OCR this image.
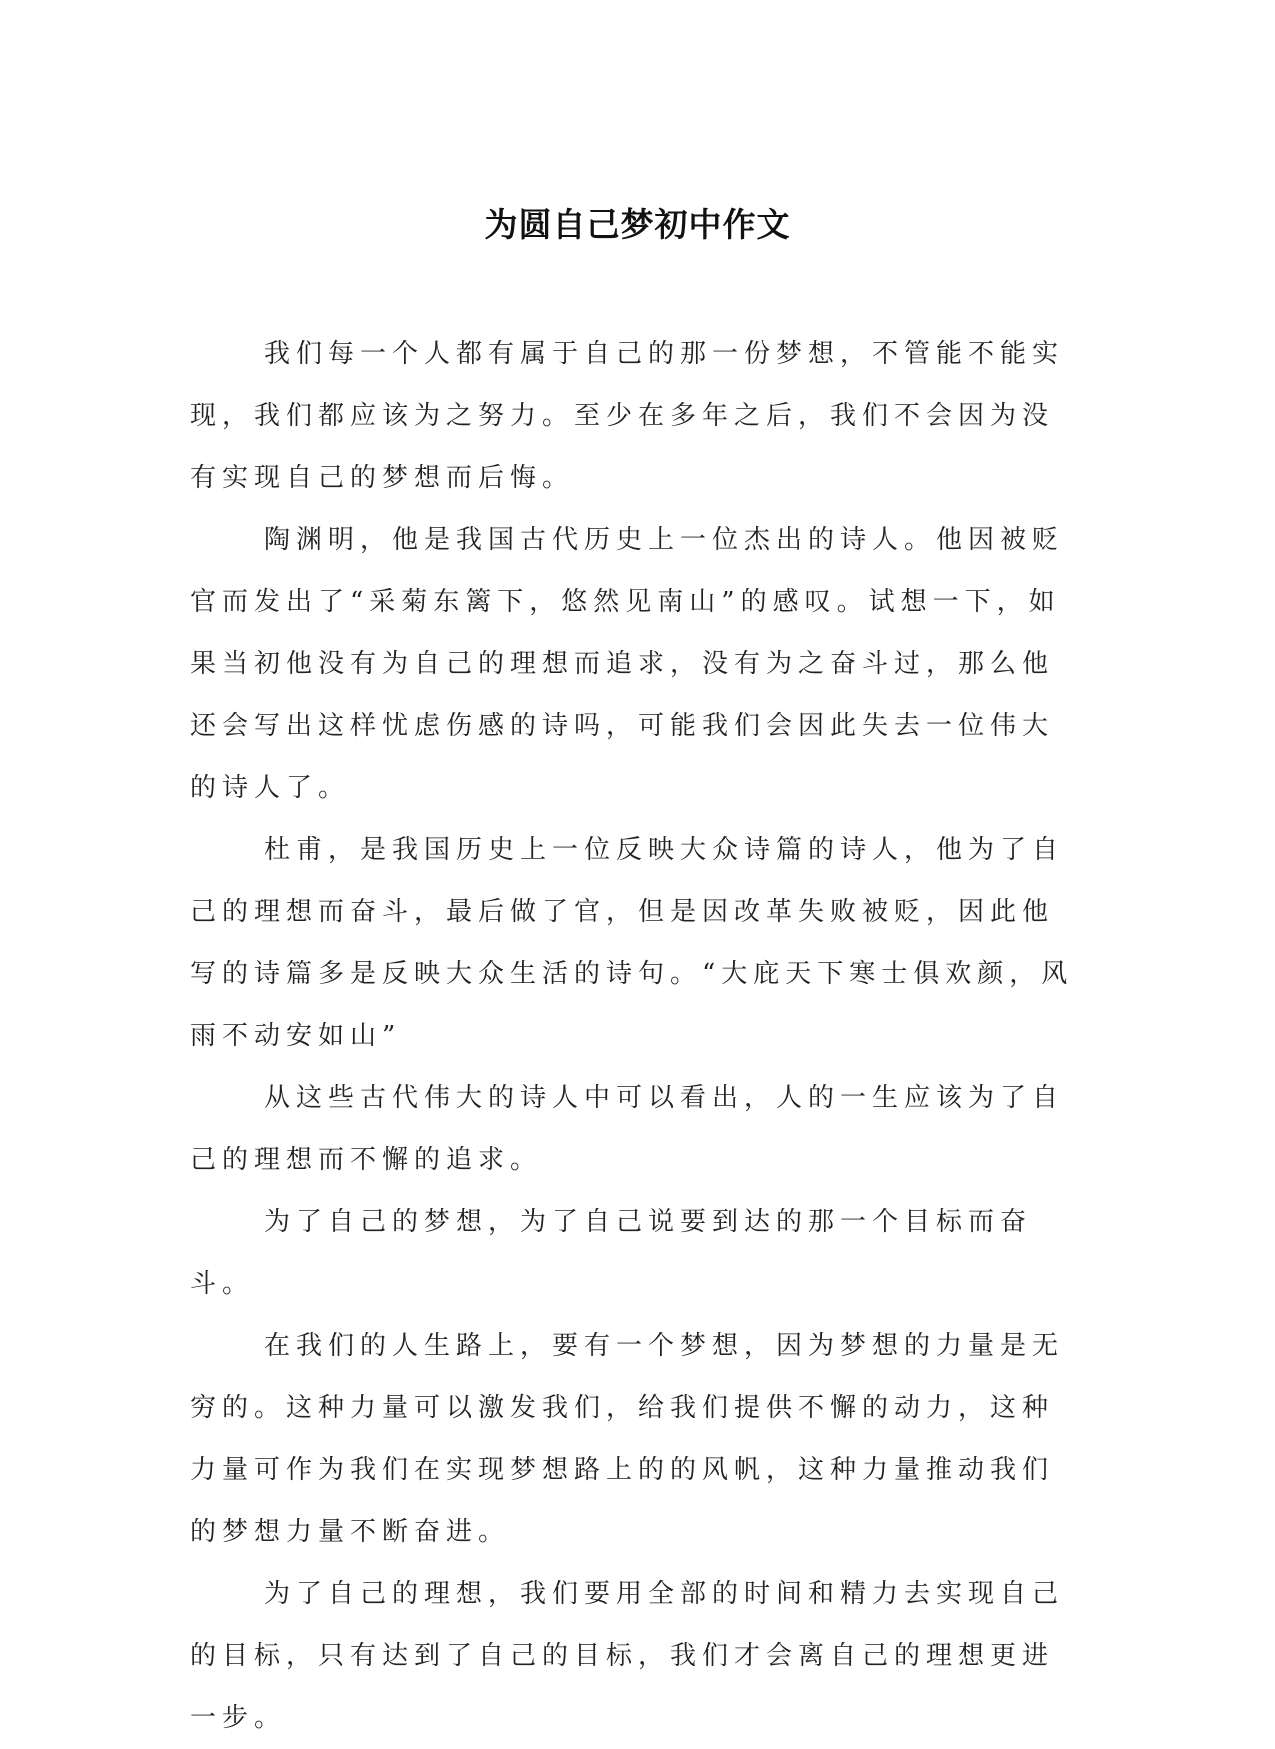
为圆自己梦初中作文

我们每一个人都有属于自己的那一份梦想，不管能不能实现，我们都应该为之努力。至少在多年之后，我们不会因为没有实现自己的梦想而后悔。

陶渊明，他是我国古代历史上一位杰出的诗人。他因被贬官而发出了“采菊东篱下，悠然见南山”的感叹。试想一下，如果当初他没有为自己的理想而追求，没有为之奋斗过，那么他还会写出这样忧虑伤感的诗吗，可能我们会因此失去一位伟大的诗人了。

杜甫，是我国历史上一位反映大众诗篇的诗人，他为了自己的理想而奋斗，最后做了官，但是因改革失败被贬，因此他写的诗篇多是反映大众生活的诗句。“大庇天下寒士俱欢颜，风雨不动安如山”

从这些古代伟大的诗人中可以看出，人的一生应该为了自己的理想而不懈的追求。

为了自己的梦想，为了自己说要到达的那一个目标而奋斗。

在我们的人生路上，要有一个梦想，因为梦想的力量是无穷的。这种力量可以激发我们，给我们提供不懈的动力，这种力量可作为我们在实现梦想路上的的风帆，这种力量推动我们的梦想力量不断奋进。

为了自己的理想，我们要用全部的时间和精力去实现自己的目标，只有达到了自己的目标，我们才会离自己的理想更进一步。
